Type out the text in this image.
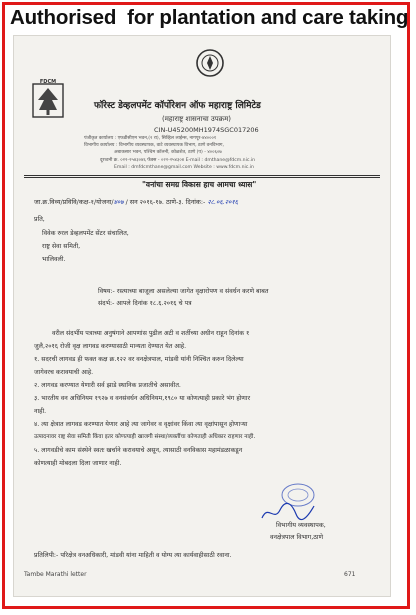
Authorised  for plantation and care taking
FDCM
फॉरेस्ट डेव्हलपमेंट कॉर्पोरेशन ऑफ महाराष्ट्र लिमिटेड
(महाराष्ट्र शासनाचा उपक्रम)
CIN-U45200MH1974SGC017206
पंजीकृत कार्यालय : एफडीसीएम भवन,(२ रा), सिव्हिल लाईन्स, नागपूर-४४०००१
विभागीय कार्यालय : विभागीय व्यवस्थापक, वाटे व्यवस्थापक विभाग, ठाणे वनविभाग,
अबाकसार भवन, पश्चिम कॉलनी, कोळशेत, ठाणे (प) - ४००६०७
दूरध्वनी क्र. ०२२-२५४३०४६ फॅक्स - ०२२-२५४३०४ E-mail : dmthane@fdcm.nic.in
Email : dmfdcmthane@gmail.com Website : www.fdcm.nic.in
"वनांचा समग्र विकास हाच आमचा ध्यास"
जा.क्र.विव्य/प्रविवि/कक्ष-१/योजना/४०७ / सन २०१६-१७. ठाणे-३. दिनांक:- २८.०६.२०१६
प्रति,
विवेक रुरल डेव्हलपमेंट सेंटर संचालित,
राष्ट्र सेवा समिती,
भालिवली.
विषय:- रस्त्याच्या बाजूला असलेल्या जागेत वृक्षारोपण व संवर्धन करणे बाबत
संदर्भ:- आपले दिनांक १८.६.२०१६ चे पत्र
वरील संदर्भीय पत्राच्या अनुषंगाने आपणांस पुढील अटी व शर्तीच्या अधीन राहून दिनांक १
जुलै,२०१६ रोजी वृक्ष लागवड करण्यासाठी मान्यता देण्यात येत आहे.
१. सदरची लागवड ही फक्त कक्ष क्र.१२२ वर वनक्षेत्रपाल, मांडवी यांनी निश्चित करुन दिलेल्या
जागेवरच करावयाची आहे.
२. लागवड करण्यात येणारी सर्व झाडे स्थानिक प्रजातीचे असावीत.
३. भारतीय वन अधिनियम १९२७ व वनसंवर्धन अधिनियम,१९८० या कोणत्याही प्रकारे भंग होणार
नाही.
४. त्या क्षेत्रात लागवड करण्यात येणार आहे त्या जागेवर व वृक्षांवर किंवा त्या वृक्षांपासून होणाऱ्या
उत्पादनावर राष्ट्र सेवा समिती किंवा इतर कोणत्याही खाजगी संस्था/व्यक्तींचा कोणताही अधिकार राहणार नाही.
५. लागवडीचे काम संस्थेने स्वतः खर्चाने करावयाचे असून, त्यासाठी वनविकास महामंडळाकडून
कोणत्याही मोबदला दिला जाणार नाही.
विभागीय व्यवस्थापक,
वनक्षेत्रपाल विभाग,ठाणे
प्रतिलिपी:- परिक्षेत्र वनअधिकारी, मांडवी यांना माहिती व योग्य त्या कार्यवाहीसाठी रवाना.
Tambe Marathi letter	671
